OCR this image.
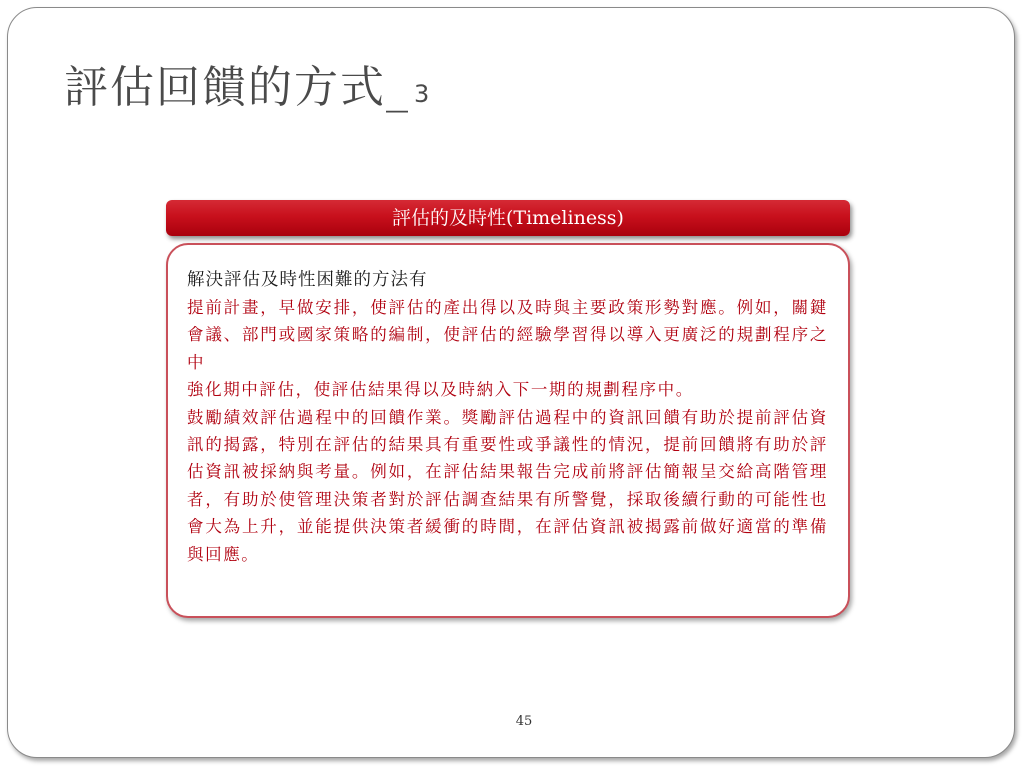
評估回饋的方式_ 3
評估的及時性(Timeliness)
解決評估及時性困難的方法有

提前計畫，早做安排，使評估的產出得以及時與主要政策形勢對應。例如，關鍵會議、部門或國家策略的編制，使評估的經驗學習得以導入更廣泛的規劃程序之中

強化期中評估，使評估結果得以及時納入下一期的規劃程序中。

鼓勵績效評估過程中的回饋作業。獎勵評估過程中的資訊回饋有助於提前評估資訊的揭露，特別在評估的結果具有重要性或爭議性的情況，提前回饋將有助於評估資訊被採納與考量。例如，在評估結果報告完成前將評估簡報呈交給高階管理者，有助於使管理決策者對於評估調查結果有所警覺，採取後續行動的可能性也會大為上升，並能提供決策者緩衝的時間，在評估資訊被揭露前做好適當的準備與回應。

45
